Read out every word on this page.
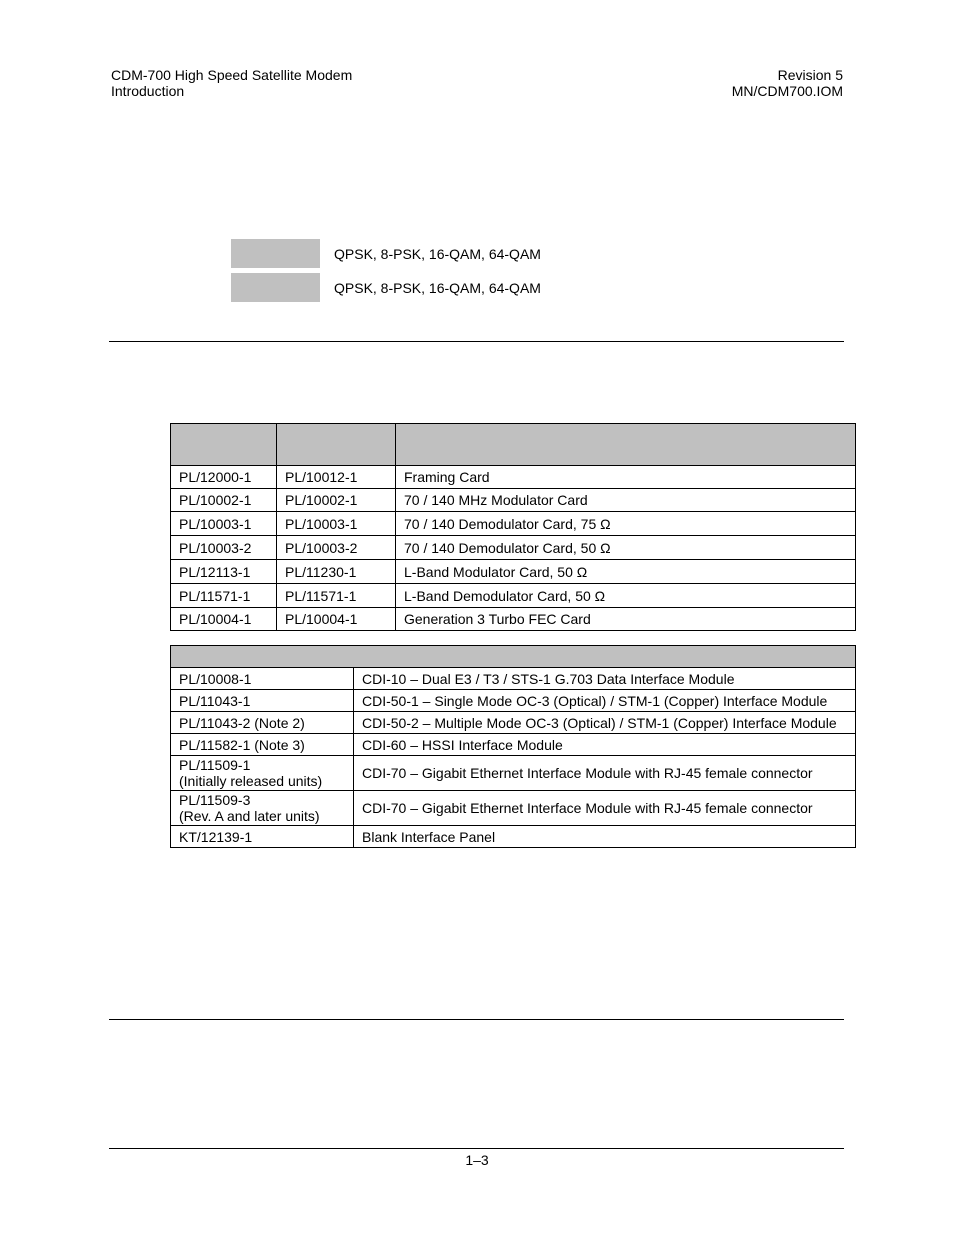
CDM-700 High Speed Satellite Modem
Introduction
Revision 5
MN/CDM700.IOM
QPSK, 8-PSK, 16-QAM, 64-QAM
QPSK, 8-PSK, 16-QAM, 64-QAM

PL/12000-1	PL/10012-1	Framing Card
PL/10002-1	PL/10002-1	70 / 140 MHz Modulator Card
PL/10003-1	PL/10003-1	70 / 140 Demodulator Card, 75 Ω
PL/10003-2	PL/10003-2	70 / 140 Demodulator Card, 50 Ω
PL/12113-1	PL/11230-1	L-Band Modulator Card, 50 Ω
PL/11571-1	PL/11571-1	L-Band Demodulator Card, 50 Ω
PL/10004-1	PL/10004-1	Generation 3 Turbo FEC Card

PL/10008-1	CDI-10 – Dual E3 / T3 / STS-1 G.703 Data Interface Module
PL/11043-1	CDI-50-1 – Single Mode OC-3 (Optical) / STM-1 (Copper) Interface Module
PL/11043-2 (Note 2)	CDI-50-2 – Multiple Mode OC-3 (Optical) / STM-1 (Copper) Interface Module
PL/11582-1 (Note 3)	CDI-60 – HSSI Interface Module

PL/11509-1
(Initially released units)	CDI-70 – Gigabit Ethernet Interface Module with RJ-45 female connector

PL/11509-3
(Rev. A and later units)	CDI-70 – Gigabit Ethernet Interface Module with RJ-45 female connector
KT/12139-1	Blank Interface Panel
1–3
